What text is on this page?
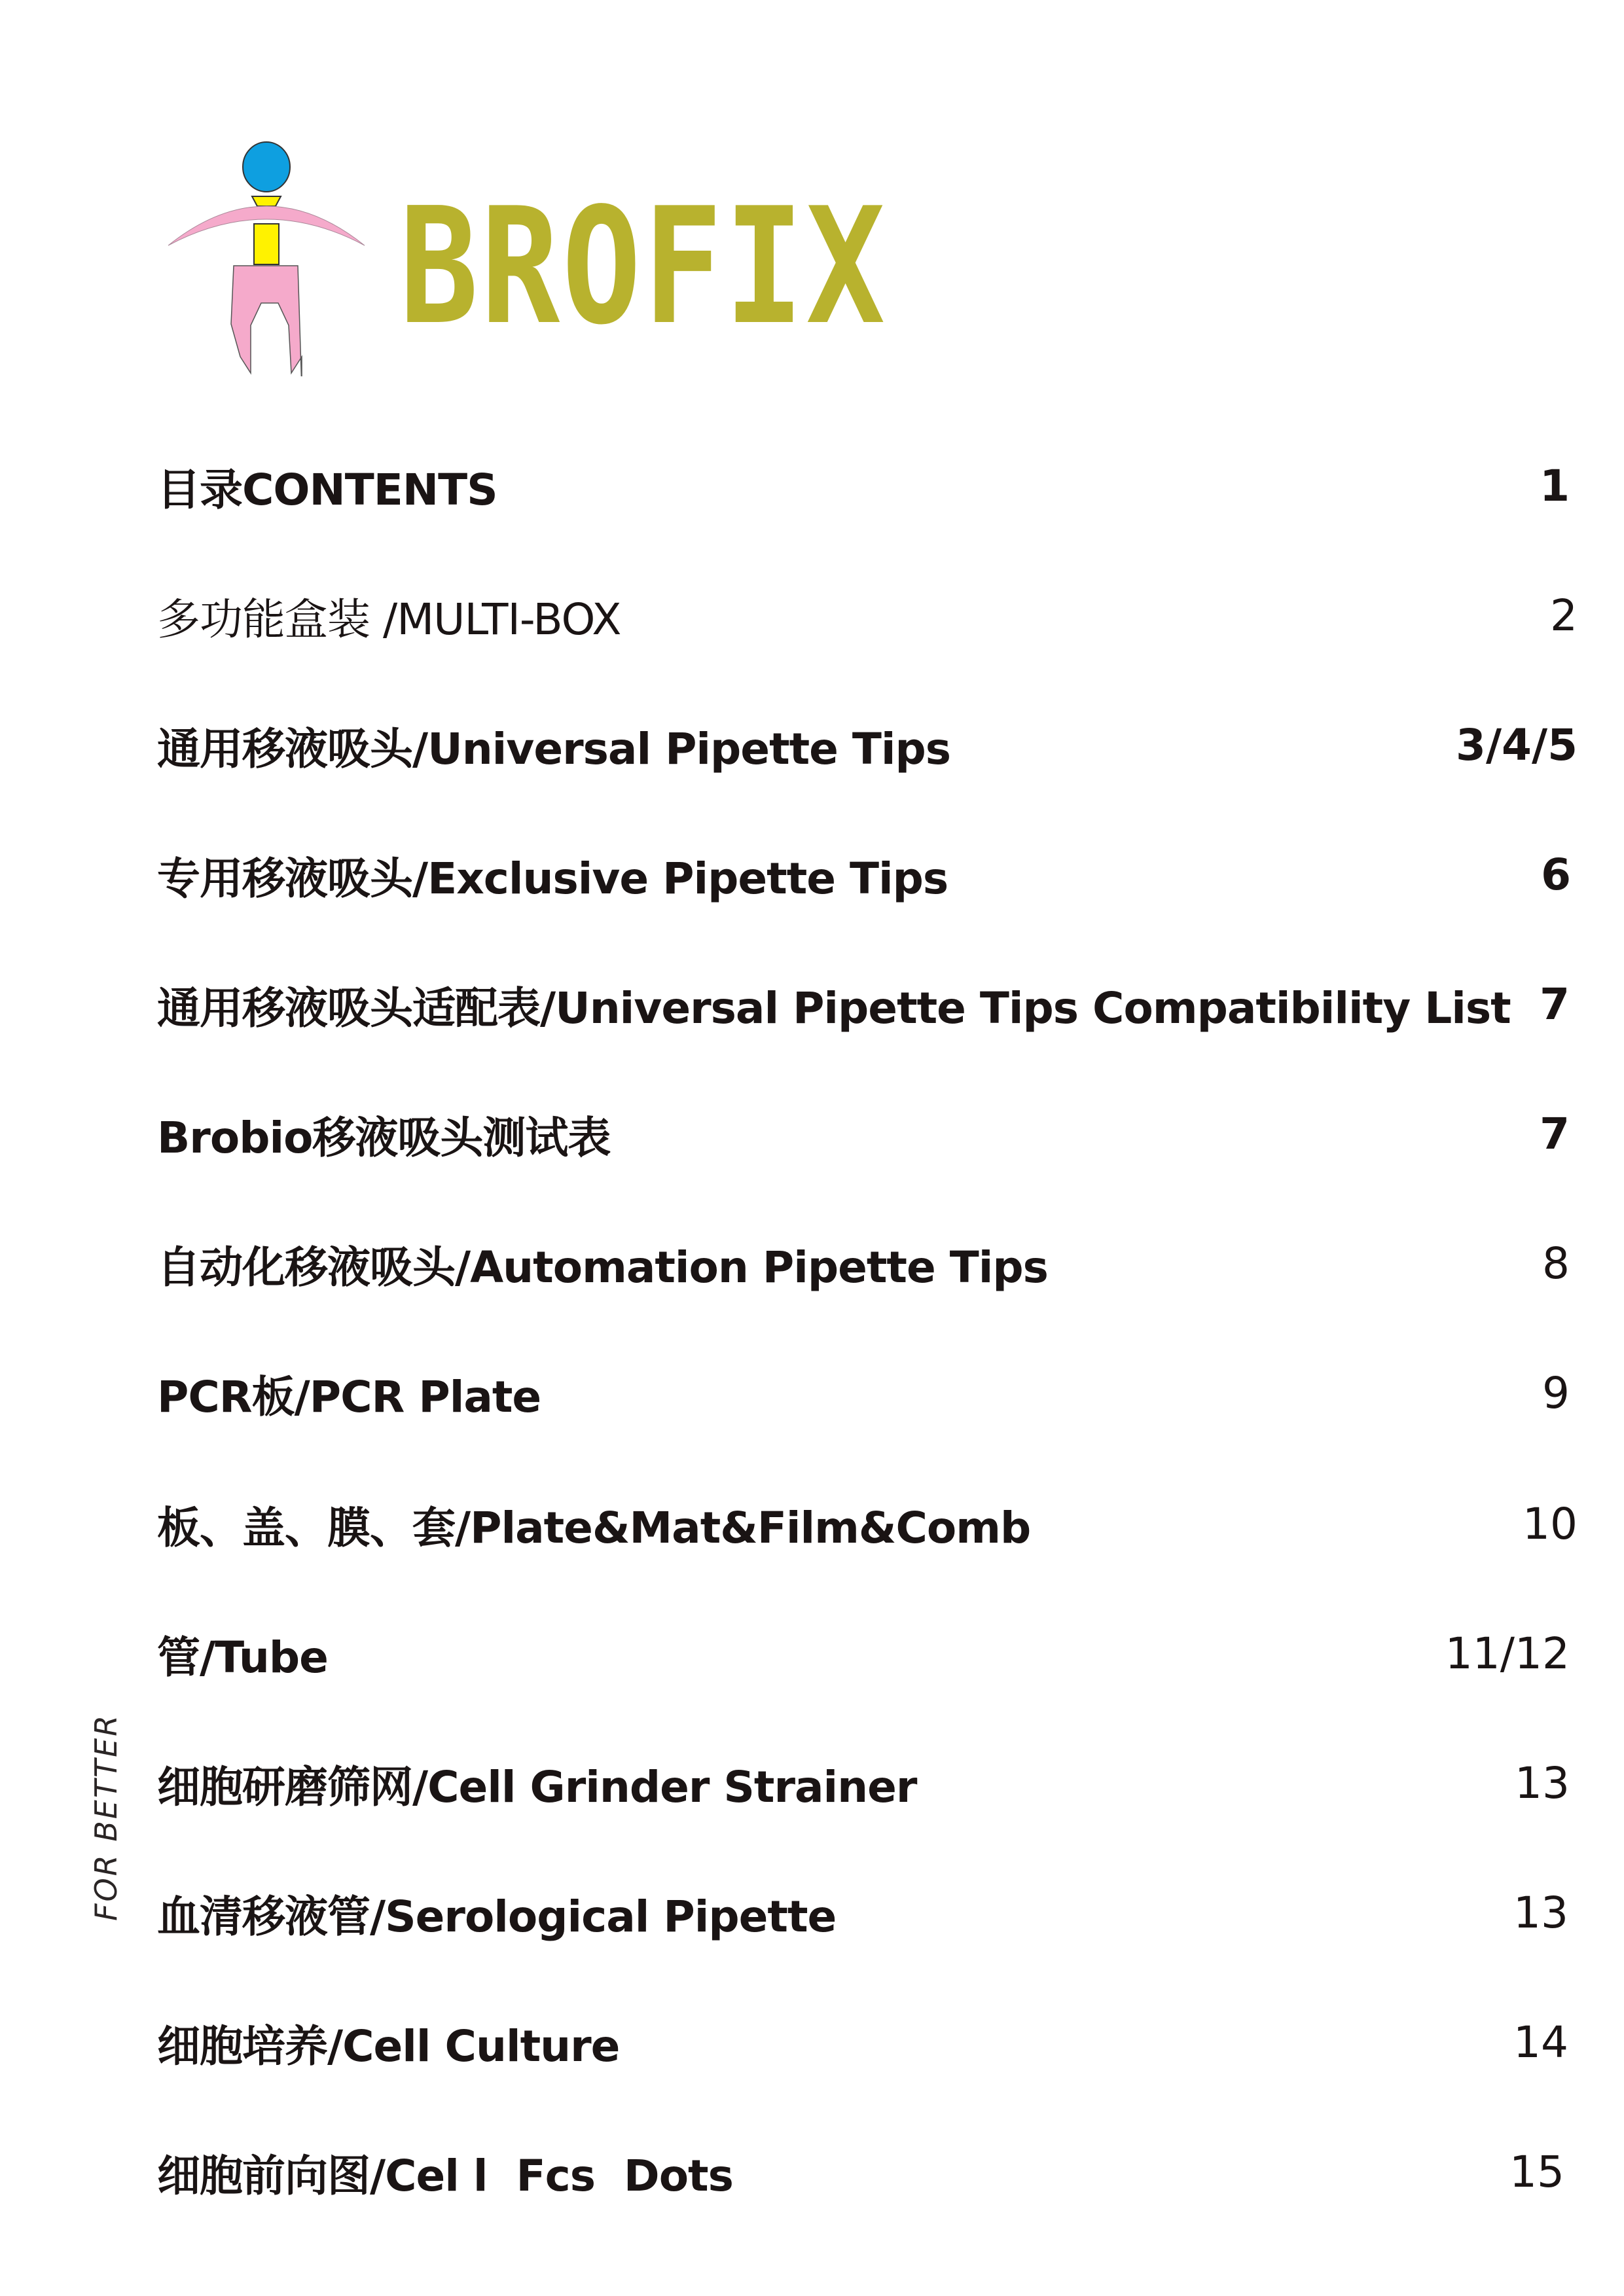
BROFIX
FOR BETTER
目录CONTENTS	1
多功能盒装 /MULTI-BOX	2
通用移液吸头/Universal Pipette Tips	3/4/5
专用移液吸头/Exclusive Pipette Tips	6
通用移液吸头适配表/Universal Pipette Tips Compatibility List 7
Brobio移液吸头测试表	7
自动化移液吸头/Automation Pipette Tips	8
PCR板/PCR Plate	9
板、盖、膜、套/Plate&Mat&Film&Comb	10
管/Tube	11/12
细胞研磨筛网/Cell Grinder Strainer	13
血清移液管/Serological Pipette	13
细胞培养/Cell Culture	14
细胞前向图/Cel l  Fcs  Dots	15
